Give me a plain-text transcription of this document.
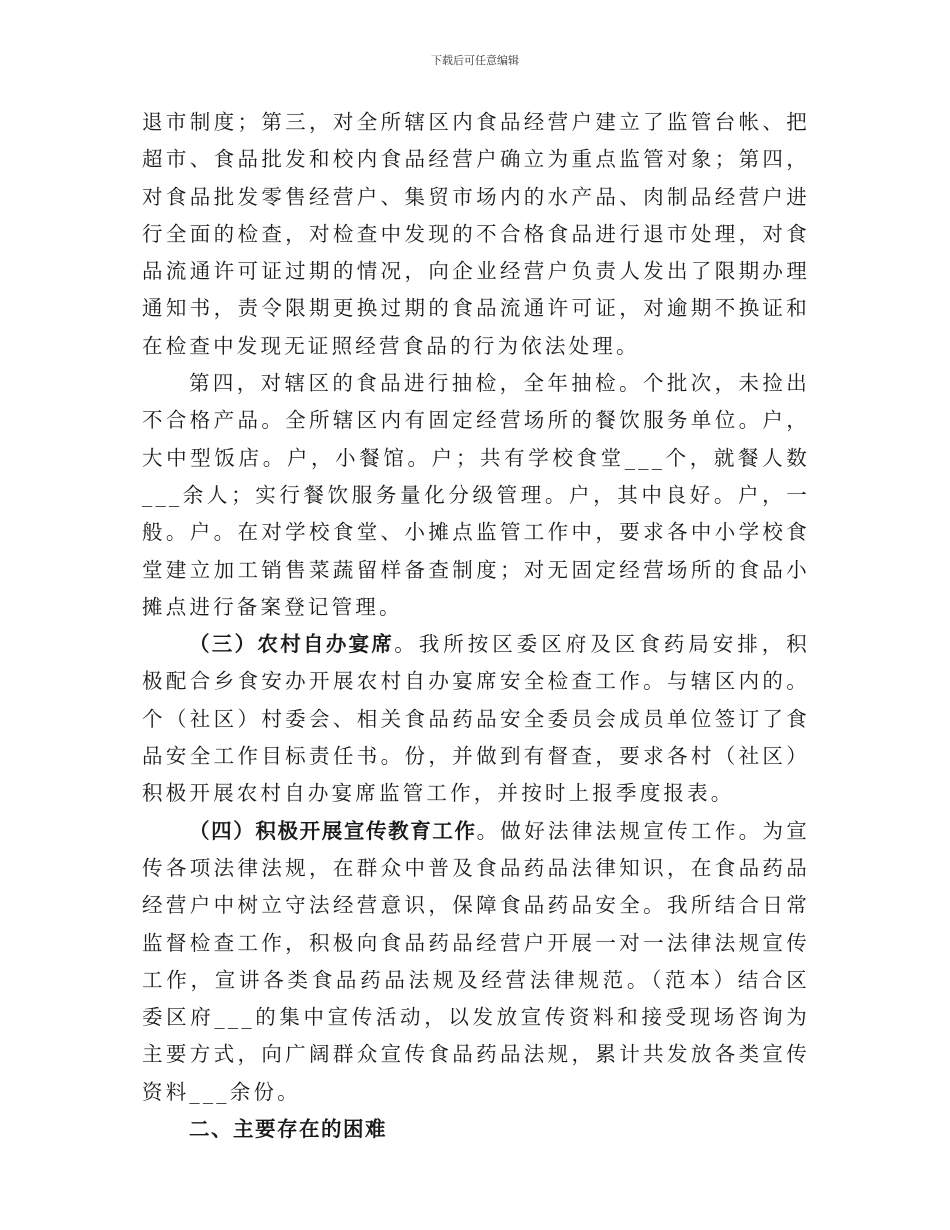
下载后可任意编辑

退市制度；第三，对全所辖区内食品经营户建立了监管台帐、把超市、食品批发和校内食品经营户确立为重点监管对象；第四，对食品批发零售经营户、集贸市场内的水产品、肉制品经营户进行全面的检查，对检查中发现的不合格食品进行退市处理，对食品流通许可证过期的情况，向企业经营户负责人发出了限期办理通知书，责令限期更换过期的食品流通许可证，对逾期不换证和在检查中发现无证照经营食品的行为依法处理。

第四，对辖区的食品进行抽检，全年抽检。个批次，未捡出不合格产品。全所辖区内有固定经营场所的餐饮服务单位。户，大中型饭店。户，小餐馆。户；共有学校食堂___个，就餐人数___余人；实行餐饮服务量化分级管理。户，其中良好。户，一般。户。在对学校食堂、小摊点监管工作中，要求各中小学校食堂建立加工销售菜蔬留样备查制度；对无固定经营场所的食品小摊点进行备案登记管理。

（三）农村自办宴席。我所按区委区府及区食药局安排，积极配合乡食安办开展农村自办宴席安全检查工作。与辖区内的。个（社区）村委会、相关食品药品安全委员会成员单位签订了食品安全工作目标责任书。份，并做到有督查，要求各村（社区）积极开展农村自办宴席监管工作，并按时上报季度报表。

（四）积极开展宣传教育工作。做好法律法规宣传工作。为宣传各项法律法规，在群众中普及食品药品法律知识，在食品药品经营户中树立守法经营意识，保障食品药品安全。我所结合日常监督检查工作，积极向食品药品经营户开展一对一法律法规宣传工作，宣讲各类食品药品法规及经营法律规范。（范本）结合区委区府___的集中宣传活动，以发放宣传资料和接受现场咨询为主要方式，向广阔群众宣传食品药品法规，累计共发放各类宣传资料___余份。

二、主要存在的困难
